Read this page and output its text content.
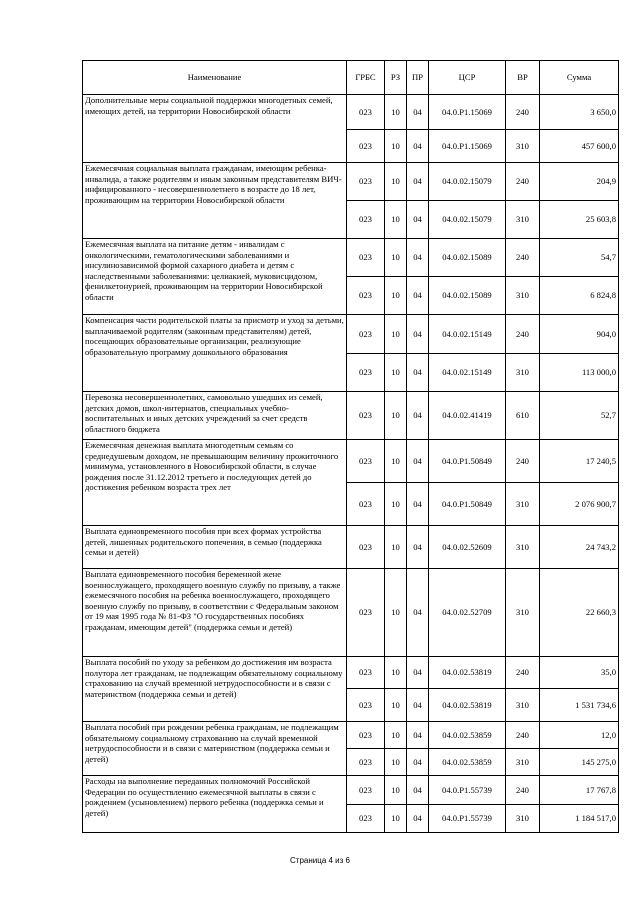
Наименование	ГРБС	РЗ	ПР	ЦСР	ВР	Сумма
Дополнительные меры социальной поддержки многодетных семей, имеющих детей, на территории Новосибирской области	023	10	04	04.0.Р1.15069	240	3 650,0
	023	10	04	04.0.Р1.15069	310	457 600,0
Ежемесячная социальная выплата гражданам, имеющим ребенка-инвалида, а также родителям и иным законным представителям ВИЧ-инфицированного - несовершеннолетнего в возрасте до 18 лет, проживающим на территории Новосибирской области	023	10	04	04.0.02.15079	240	204,9
	023	10	04	04.0.02.15079	310	25 603,8
Ежемесячная выплата на питание детям - инвалидам с онкологическими, гематологическими заболеваниями и инсулинозависимой формой сахарного диабета и детям с наследственными заболеваниями: целиакией, муковисцидозом, фенилкетонурией, проживающим на территории Новосибирской области	023	10	04	04.0.02.15089	240	54,7
	023	10	04	04.0.02.15089	310	6 824,8
Компенсация части родительской платы за присмотр и уход за детьми, выплачиваемой родителям (законным представителям) детей, посещающих образовательные организации, реализующие образовательную программу дошкольного образования	023	10	04	04.0.02.15149	240	904,0
	023	10	04	04.0.02.15149	310	113 000,0
Перевозка несовершеннолетних, самовольно ушедших из семей, детских домов, школ-интернатов, специальных учебно-воспитательных и иных детских учреждений за счет средств областного бюджета	023	10	04	04.0.02.41419	610	52,7
Ежемесячная денежная выплата многодетным семьям со среднедушевым доходом, не превышающим величину прожиточного минимума, установленного в Новосибирской области, в случае рождения после 31.12.2012 третьего и последующих детей до достижения ребенком возраста трех лет	023	10	04	04.0.Р1.50849	240	17 240,5
	023	10	04	04.0.Р1.50849	310	2 076 900,7
Выплата единовременного пособия при всех формах устройства детей, лишенных родительского попечения, в семью (поддержка семьи и детей)	023	10	04	04.0.02.52609	310	24 743,2
Выплата единовременного пособия беременной жене военнослужащего, проходящего военную службу по призыву, а также ежемесячного пособия на ребенка военнослужащего, проходящего военную службу по призыву, в соответствии с Федеральным законом от 19 мая 1995 года № 81-ФЗ "О государственных пособиях гражданам, имеющим детей" (поддержка семьи и детей)	023	10	04	04.0.02.52709	310	22 660,3
Выплата пособий по уходу за ребенком до достижения им возраста полутора лет гражданам, не подлежащим обязательному социальному страхованию на случай временной нетрудоспособности и в связи с материнством (поддержка семьи и детей)	023	10	04	04.0.02.53819	240	35,0
	023	10	04	04.0.02.53819	310	1 531 734,6
Выплата пособий при рождении ребенка гражданам, не подлежащим обязательному социальному страхованию на случай временной нетрудоспособности и в связи с материнством (поддержка семьи и детей)	023	10	04	04.0.02.53859	240	12,0
	023	10	04	04.0.02.53859	310	145 275,0
Расходы на выполнение переданных полномочий Российской Федерации по осуществлению ежемесячной выплаты в связи с рождением (усыновлением) первого ребенка (поддержка семьи и детей)	023	10	04	04.0.Р1.55739	240	17 767,8
	023	10	04	04.0.Р1.55739	310	1 184 517,0
Страница 4 из 6
